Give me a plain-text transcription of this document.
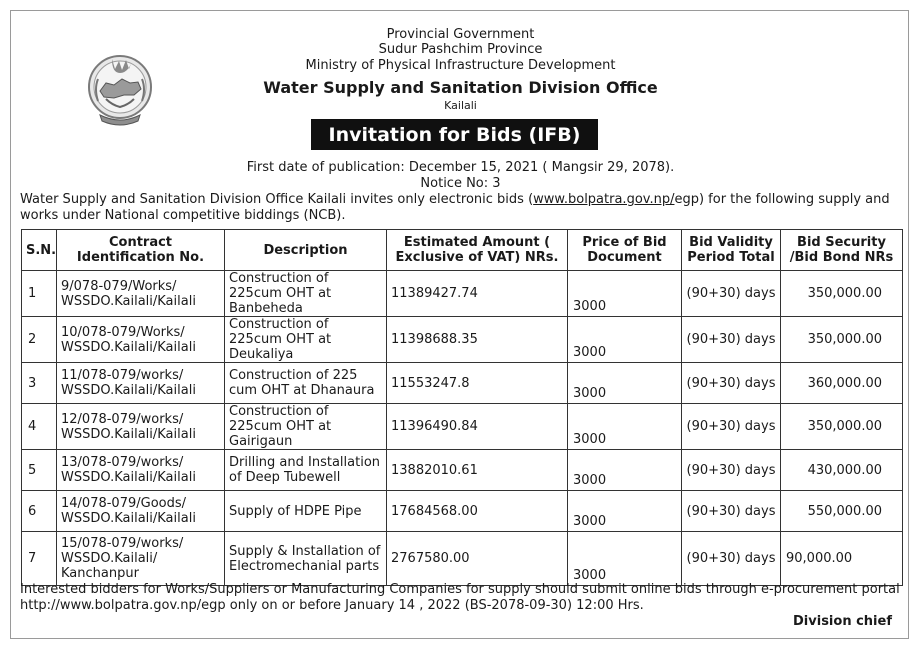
Provincial Government
Sudur Pashchim Province
Ministry of Physical Infrastructure Development
Water Supply and Sanitation Division Office
Kailali
Invitation for Bids (IFB)
First date of publication: December 15, 2021 ( Mangsir 29, 2078).
Notice No: 3
Water Supply and Sanitation Division Office Kailali invites only electronic bids (www.bolpatra.gov.np/egp) for the following supply and works under National competitive biddings (NCB).
S.N.	Contract Identification No.	Description	Estimated Amount ( Exclusive of VAT) NRs.	Price of Bid Document	Bid Validity Period Total	Bid Security /Bid Bond NRs
1	9/078-079/Works/ WSSDO.Kailali/Kailali	Construction of 225cum OHT at Banbeheda	11389427.74	3000	(90+30) days	350,000.00
2	10/078-079/Works/ WSSDO.Kailali/Kailali	Construction of 225cum OHT at Deukaliya	11398688.35	3000	(90+30) days	350,000.00
3	11/078-079/works/ WSSDO.Kailali/Kailali	Construction of 225 cum OHT at Dhanaura	11553247.8	3000	(90+30) days	360,000.00
4	12/078-079/works/ WSSDO.Kailali/Kailali	Construction of 225cum OHT at Gairigaun	11396490.84	3000	(90+30) days	350,000.00
5	13/078-079/works/ WSSDO.Kailali/Kailali	Drilling and Installation of Deep Tubewell	13882010.61	3000	(90+30) days	430,000.00
6	14/078-079/Goods/ WSSDO.Kailali/Kailali	Supply of HDPE Pipe	17684568.00	3000	(90+30) days	550,000.00
7	15/078-079/works/ WSSDO.Kailali/ Kanchanpur	Supply & Installation of Electromechanial parts	2767580.00	3000	(90+30) days	90,000.00
Interested bidders for Works/Suppliers or Manufacturing Companies for supply should submit online bids through e-procurement portal
http://www.bolpatra.gov.np/egp only on or before January 14 , 2022 (BS-2078-09-30) 12:00 Hrs.
Division chief
